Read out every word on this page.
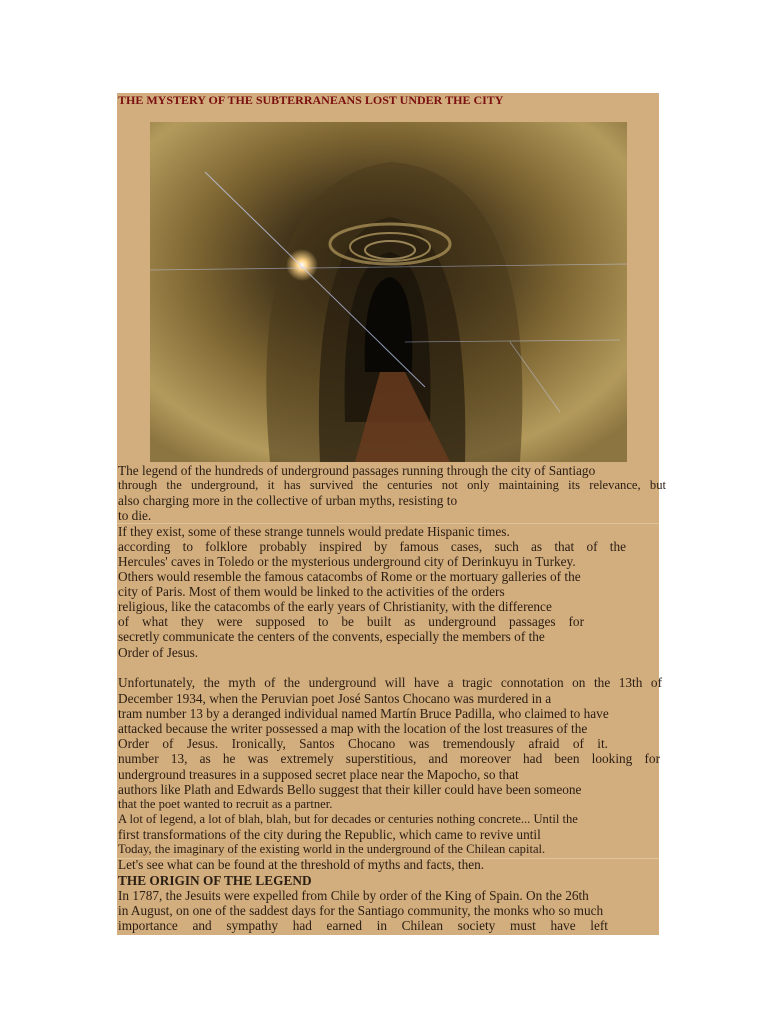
THE MYSTERY OF THE SUBTERRANEANS LOST UNDER THE CITY
The legend of the hundreds of underground passages running through the city of Santiago
through the underground, it has survived the centuries not only maintaining its relevance, but
also charging more in the collective of urban myths, resisting to
to die.
If they exist, some of these strange tunnels would predate Hispanic times.
according to folklore probably inspired by famous cases, such as that of the
Hercules' caves in Toledo or the mysterious underground city of Derinkuyu in Turkey.
Others would resemble the famous catacombs of Rome or the mortuary galleries of the
city of Paris. Most of them would be linked to the activities of the orders
religious, like the catacombs of the early years of Christianity, with the difference
of what they were supposed to be built as underground passages for
secretly communicate the centers of the convents, especially the members of the
Order of Jesus.
Unfortunately, the myth of the underground will have a tragic connotation on the 13th of
December 1934, when the Peruvian poet José Santos Chocano was murdered in a
tram number 13 by a deranged individual named Martín Bruce Padilla, who claimed to have
attacked because the writer possessed a map with the location of the lost treasures of the
Order of Jesus. Ironically, Santos Chocano was tremendously afraid of it.
number 13, as he was extremely superstitious, and moreover had been looking for
underground treasures in a supposed secret place near the Mapocho, so that
authors like Plath and Edwards Bello suggest that their killer could have been someone
that the poet wanted to recruit as a partner.
A lot of legend, a lot of blah, blah, but for decades or centuries nothing concrete... Until the
first transformations of the city during the Republic, which came to revive until
Today, the imaginary of the existing world in the underground of the Chilean capital.
Let's see what can be found at the threshold of myths and facts, then.
THE ORIGIN OF THE LEGEND
In 1787, the Jesuits were expelled from Chile by order of the King of Spain. On the 26th
in August, on one of the saddest days for the Santiago community, the monks who so much
importance and sympathy had earned in Chilean society must have left
